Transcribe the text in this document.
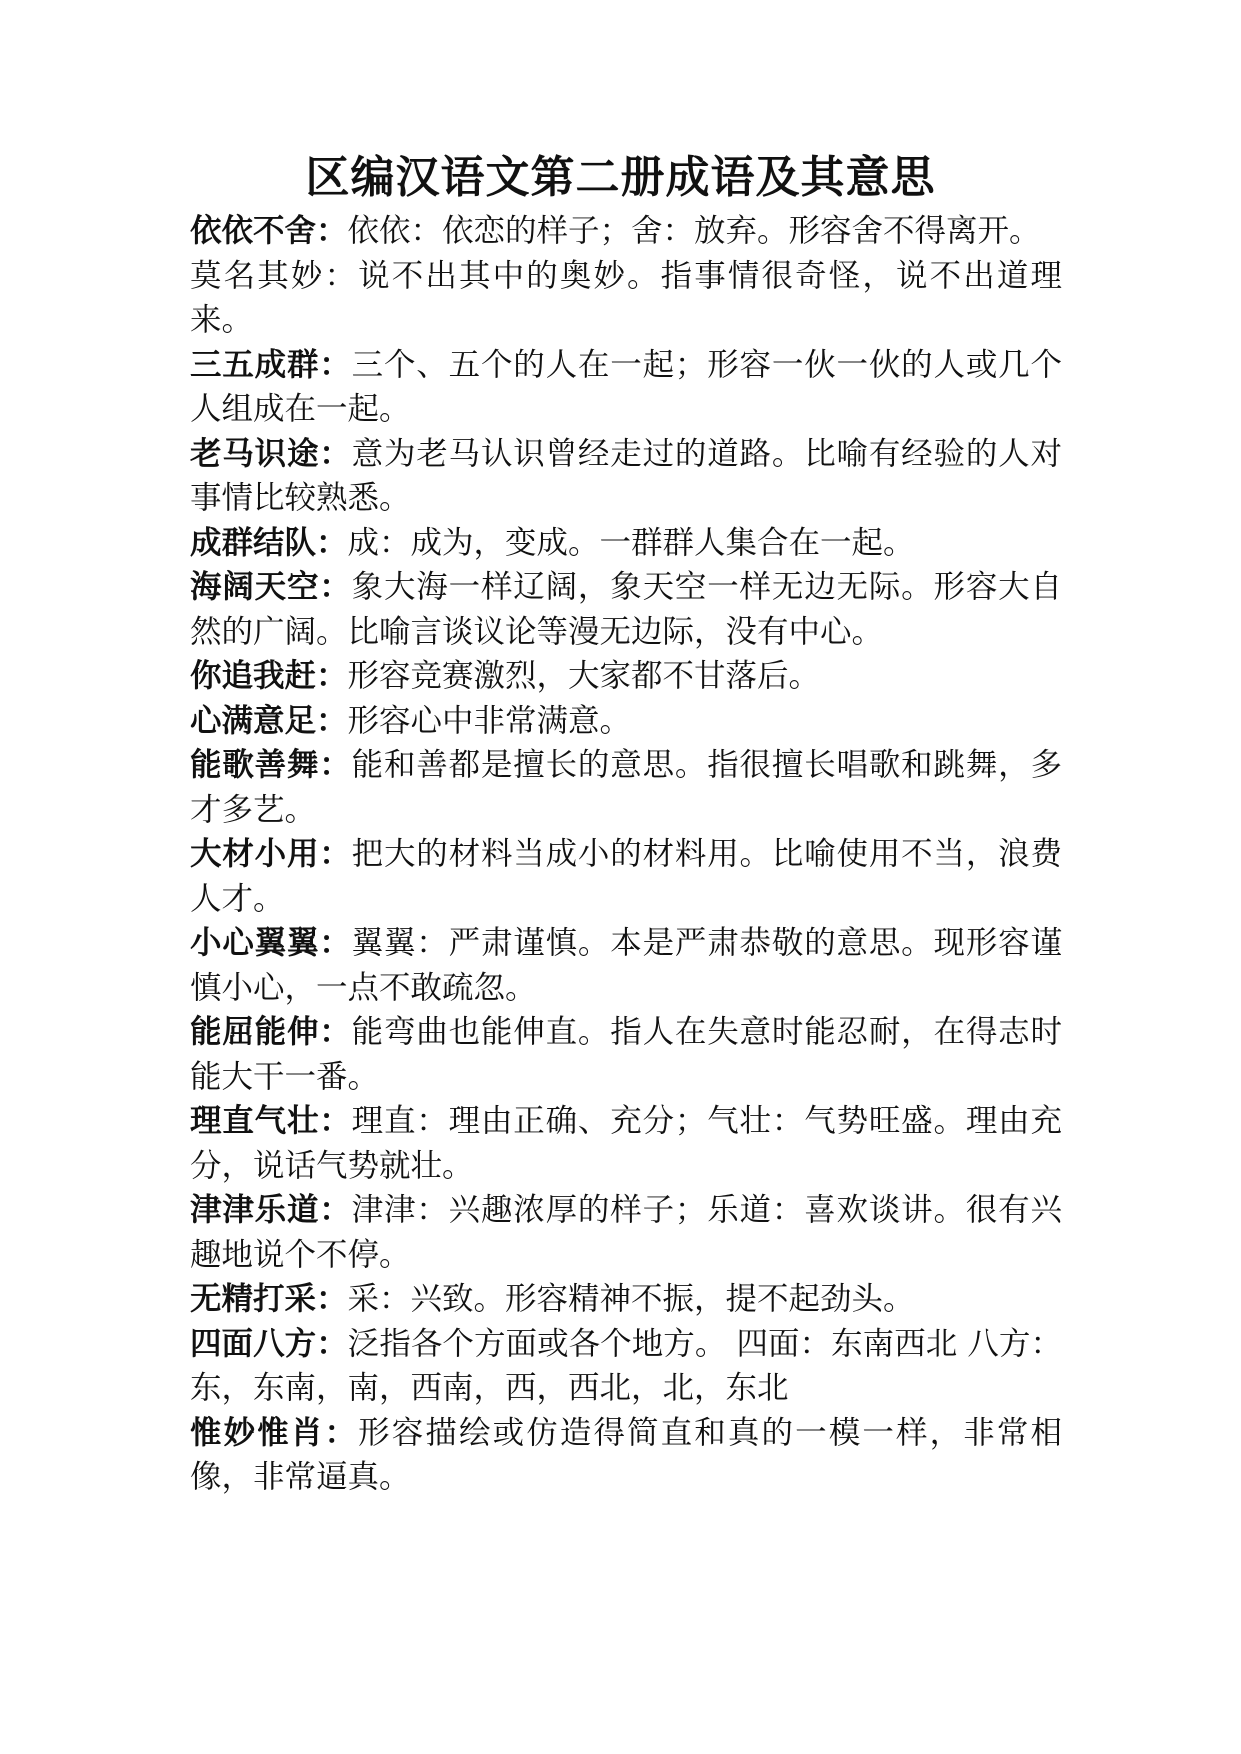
区编汉语文第二册成语及其意思

依依不舍：依依：依恋的样子；舍：放弃。形容舍不得离开。

莫名其妙：说不出其中的奥妙。指事情很奇怪，说不出道理来。

三五成群：三个、五个的人在一起；形容一伙一伙的人或几个人组成在一起。

老马识途：意为老马认识曾经走过的道路。比喻有经验的人对事情比较熟悉。

成群结队：成：成为，变成。一群群人集合在一起。

海阔天空：象大海一样辽阔，象天空一样无边无际。形容大自然的广阔。比喻言谈议论等漫无边际，没有中心。

你追我赶：形容竞赛激烈，大家都不甘落后。

心满意足：形容心中非常满意。

能歌善舞：能和善都是擅长的意思。指很擅长唱歌和跳舞，多才多艺。

大材小用：把大的材料当成小的材料用。比喻使用不当，浪费人才。

小心翼翼：翼翼：严肃谨慎。本是严肃恭敬的意思。现形容谨慎小心，一点不敢疏忽。

能屈能伸：能弯曲也能伸直。指人在失意时能忍耐，在得志时能大干一番。

理直气壮：理直：理由正确、充分；气壮：气势旺盛。理由充分，说话气势就壮。

津津乐道：津津：兴趣浓厚的样子；乐道：喜欢谈讲。很有兴趣地说个不停。

无精打采：采：兴致。形容精神不振，提不起劲头。

四面八方：泛指各个方面或各个地方。 四面：东南西北 八方：东，东南，南，西南，西，西北，北，东北

惟妙惟肖：形容描绘或仿造得简直和真的一模一样，非常相像，非常逼真。
